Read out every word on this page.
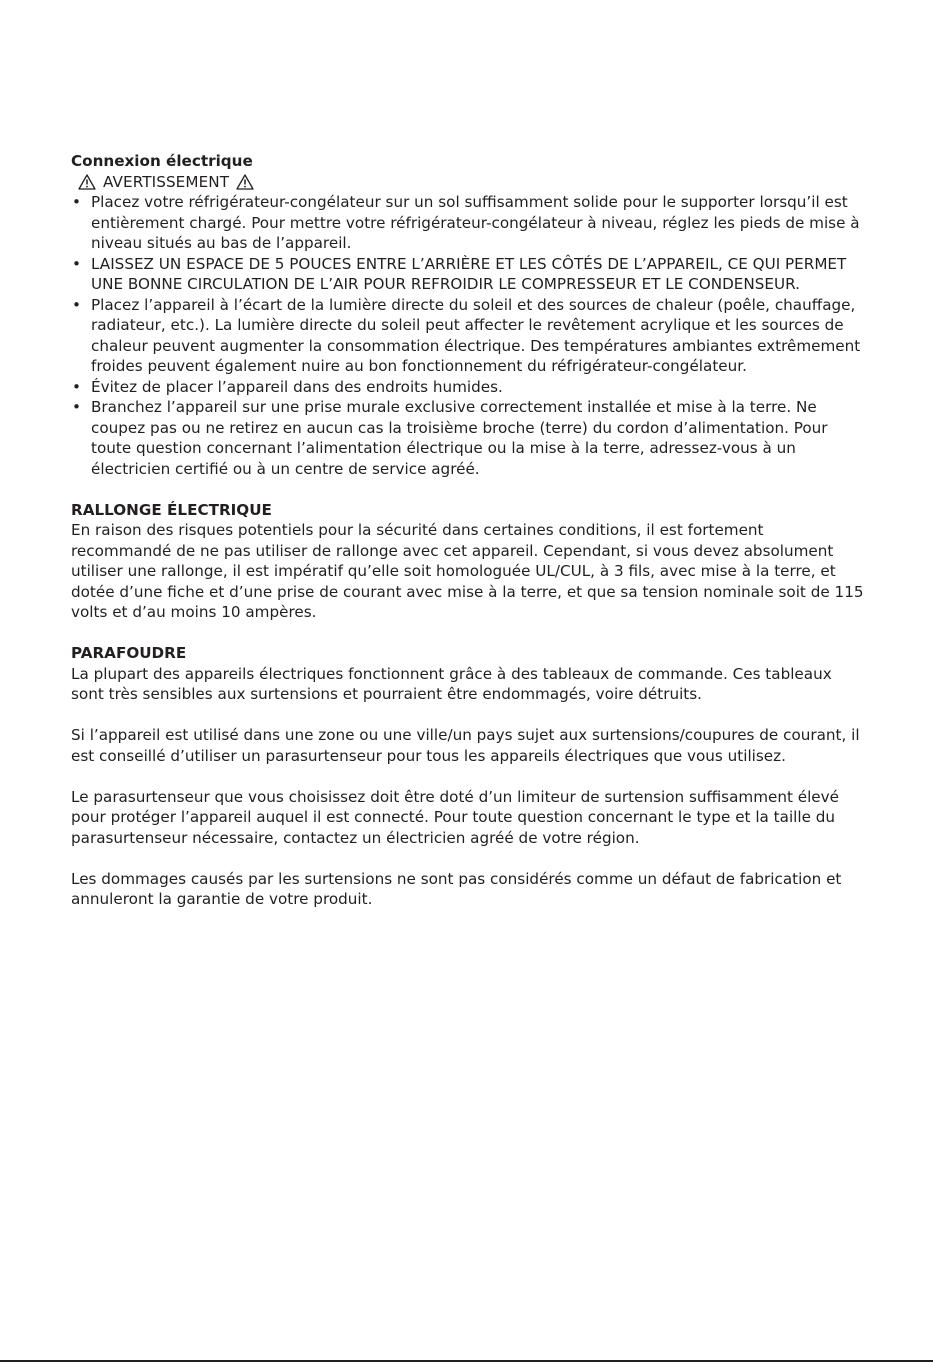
Connexion électrique
AVERTISSEMENT
• Placez votre réfrigérateur-congélateur sur un sol suffisamment solide pour le supporter lorsqu’il est entièrement chargé. Pour mettre votre réfrigérateur-congélateur à niveau, réglez les pieds de mise à niveau situés au bas de l’appareil.
• LAISSEZ UN ESPACE DE 5 POUCES ENTRE L’ARRIÈRE ET LES CÔTÉS DE L’APPAREIL, CE QUI PERMET UNE BONNE CIRCULATION DE L’AIR POUR REFROIDIR LE COMPRESSEUR ET LE CONDENSEUR.
• Placez l’appareil à l’écart de la lumière directe du soleil et des sources de chaleur (poêle, chauffage, radiateur, etc.). La lumière directe du soleil peut affecter le revêtement acrylique et les sources de chaleur peuvent augmenter la consommation électrique. Des températures ambiantes extrêmement froides peuvent également nuire au bon fonctionnement du réfrigérateur-congélateur.
• Évitez de placer l’appareil dans des endroits humides.
• Branchez l’appareil sur une prise murale exclusive correctement installée et mise à la terre. Ne coupez pas ou ne retirez en aucun cas la troisième broche (terre) du cordon d’alimentation. Pour toute question concernant l’alimentation électrique ou la mise à la terre, adressez-vous à un électricien certifié ou à un centre de service agréé.
RALLONGE ÉLECTRIQUE

En raison des risques potentiels pour la sécurité dans certaines conditions, il est fortement recommandé de ne pas utiliser de rallonge avec cet appareil. Cependant, si vous devez absolument utiliser une rallonge, il est impératif qu’elle soit homologuée UL/CUL, à 3 fils, avec mise à la terre, et dotée d’une fiche et d’une prise de courant avec mise à la terre, et que sa tension nominale soit de 115 volts et d’au moins 10 ampères.

PARAFOUDRE

La plupart des appareils électriques fonctionnent grâce à des tableaux de commande. Ces tableaux sont très sensibles aux surtensions et pourraient être endommagés, voire détruits.

Si l’appareil est utilisé dans une zone ou une ville/un pays sujet aux surtensions/coupures de courant, il est conseillé d’utiliser un parasurtenseur pour tous les appareils électriques que vous utilisez.

Le parasurtenseur que vous choisissez doit être doté d’un limiteur de surtension suffisamment élevé pour protéger l’appareil auquel il est connecté. Pour toute question concernant le type et la taille du parasurtenseur nécessaire, contactez un électricien agréé de votre région.

Les dommages causés par les surtensions ne sont pas considérés comme un défaut de fabrication et annuleront la garantie de votre produit.
